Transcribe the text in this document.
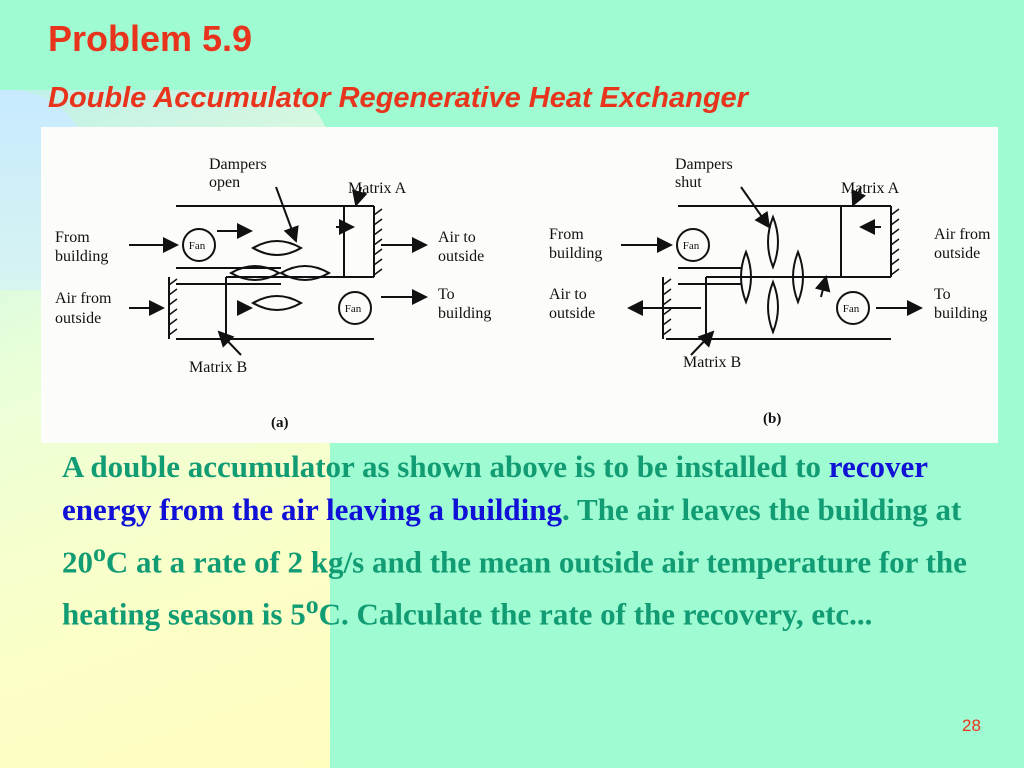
Problem 5.9
Double Accumulator Regenerative Heat Exchanger
Fan
Fan
Fan
Fan
Dampers
open	Matrix A
From
building
Air from
outside
Air to
outside
To
building
Matrix B
(a)
Dampers
shut	Matrix A
From
building
Air to
outside
Air from
outside
To
building
Matrix B
(b)

A double accumulator as shown above is to be installed to recover energy from the air leaving a building. The air leaves the building at 20$^o$C at a rate of 2 kg/s and the mean outside air temperature for the heating season is 5$^o$C. Calculate the rate of the recovery, etc...

28
